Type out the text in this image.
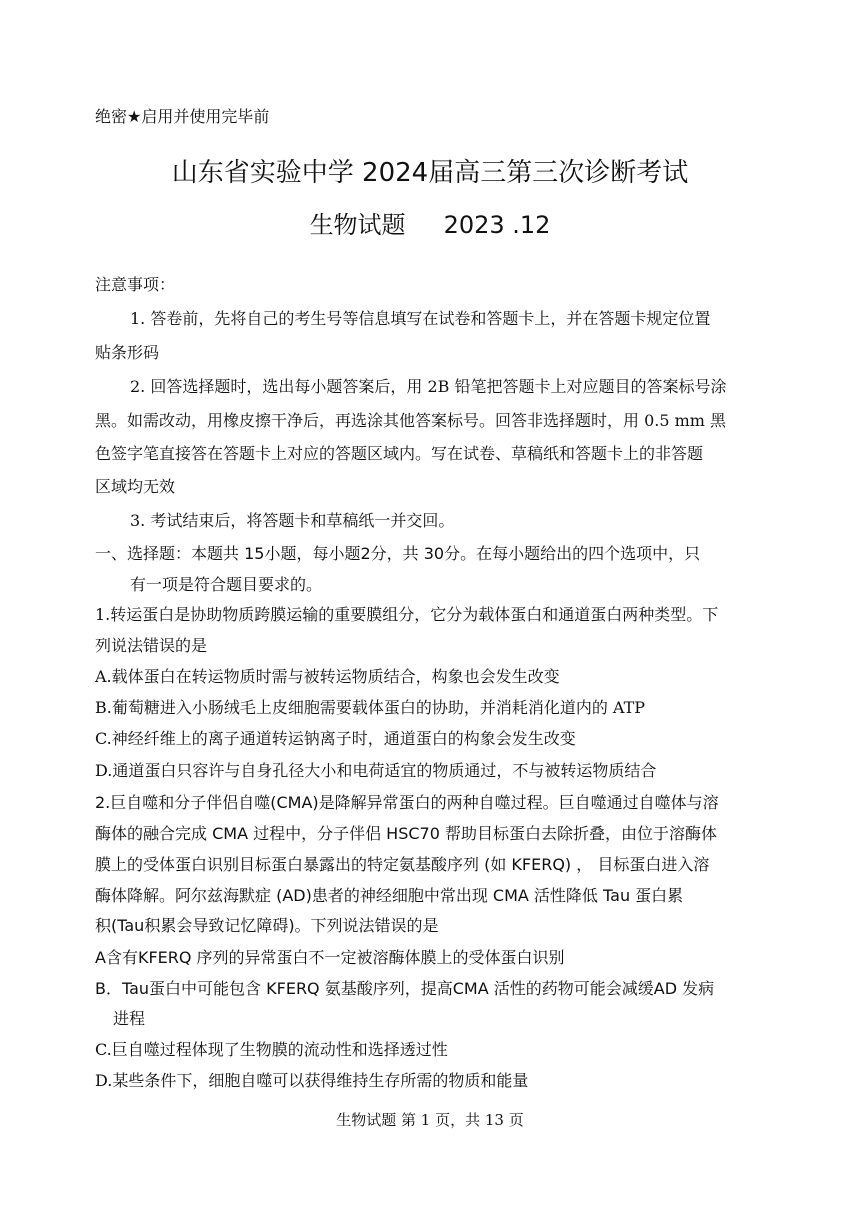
绝密★启用并使用完毕前
山东省实验中学 2024届高三第三次诊断考试
生物试题 2023 .12
注意事项：
1. 答卷前，先将自己的考生号等信息填写在试卷和答题卡上，并在答题卡规定位置
贴条形码
2. 回答选择题时，选出每小题答案后，用 2B 铅笔把答题卡上对应题目的答案标号涂
黑。如需改动，用橡皮擦干净后，再选涂其他答案标号。回答非选择题时，用 0.5 mm 黑
色签字笔直接答在答题卡上对应的答题区域内。写在试卷、草稿纸和答题卡上的非答题
区域均无效
3. 考试结束后，将答题卡和草稿纸一并交回。
一、选择题：本题共 15小题，每小题2分，共 30分。在每小题给出的四个选项中，只
有一项是符合题目要求的。
1.转运蛋白是协助物质跨膜运输的重要膜组分，它分为载体蛋白和通道蛋白两种类型。下
列说法错误的是
A.载体蛋白在转运物质时需与被转运物质结合，构象也会发生改变
B.葡萄糖进入小肠绒毛上皮细胞需要载体蛋白的协助，并消耗消化道内的 ATP
C.神经纤维上的离子通道转运钠离子时，通道蛋白的构象会发生改变
D.通道蛋白只容许与自身孔径大小和电荷适宜的物质通过，不与被转运物质结合
2.巨自噬和分子伴侣自噬(CMA)是降解异常蛋白的两种自噬过程。巨自噬通过自噬体与溶
酶体的融合完成 CMA 过程中，分子伴侣 HSC70 帮助目标蛋白去除折叠，由位于溶酶体
膜上的受体蛋白识别目标蛋白暴露出的特定氨基酸序列 (如 KFERQ) ， 目标蛋白进入溶
酶体降解。阿尔兹海默症 (AD)患者的神经细胞中常出现 CMA 活性降低 Tau 蛋白累
积(Tau积累会导致记忆障碍)。下列说法错误的是
A含有KFERQ 序列的异常蛋白不一定被溶酶体膜上的受体蛋白识别
B．Tau蛋白中可能包含 KFERQ 氨基酸序列，提高CMA 活性的药物可能会减缓AD 发病
进程
C.巨自噬过程体现了生物膜的流动性和选择透过性
D.某些条件下，细胞自噬可以获得维持生存所需的物质和能量
生物试题 第 1 页，共 13 页
